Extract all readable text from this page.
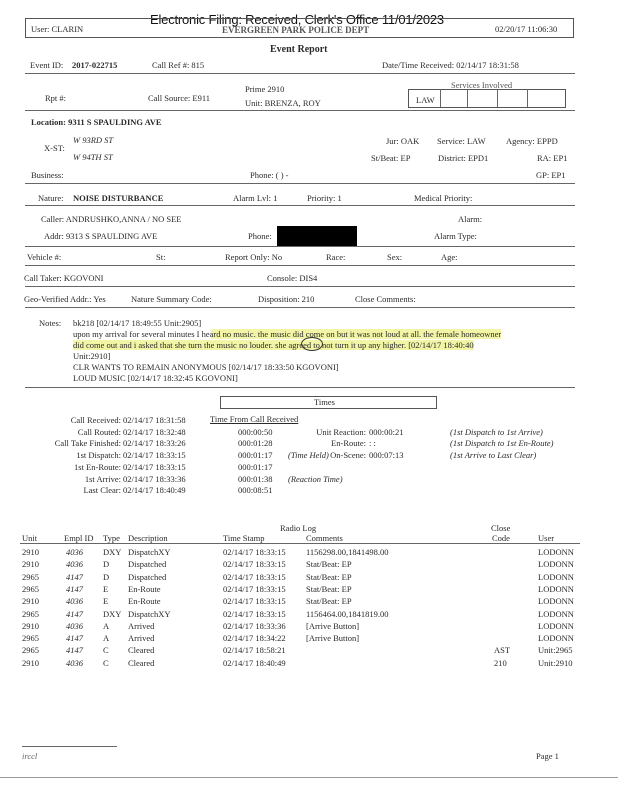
Electronic Filing: Received, Clerk's Office 11/01/2023
User: CLARIN	EVERGREEN PARK POLICE DEPT	02/20/17 11:06:30
Event Report
Event ID: 2017-022715	Call Ref #: 815	Date/Time Received: 02/14/17 18:31:58
Rpt #:	Call Source: E911
Prime 2910
Unit: BRENZA, ROY
Services Involved
LAW
Location: 9311 S SPAULDING AVE
X-ST:
W 93RD ST
W 94TH ST
Jur: OAK Service: LAW Agency: EPPD
St/Beat: EP	District: EPD1	RA: EP1
Business:	Phone: ( ) -	GP: EP1
Nature: NOISE DISTURBANCE	Alarm Lvl: 1	Priority: 1	Medical Priority:
Caller: ANDRUSHKO,ANNA / NO SEE	Alarm:
Addr: 9313 S SPAULDING AVE	Phone:	Alarm Type:
Vehicle #:	St:	Report Only: No	Race:	Sex:	Age:
Call Taker: KGOVONI	Console: DIS4
Geo-Verified Addr.: Yes	Nature Summary Code:	Disposition: 210	Close Comments:
Notes: bk218 [02/14/17 18:49:55 Unit:2905]
upon my arrival for several minutes I heard no music. the music did come on but it was not loud at all. the female homeowner
did come out and i asked that she turn the music no louder. she agreed to not turn it up any higher. [02/14/17 18:40:40
Unit:2910]
CLR WANTS TO REMAIN ANONYMOUS [02/14/17 18:33:50 KGOVONI]
LOUD MUSIC [02/14/17 18:32:45 KGOVONI]
Times
Time From Call Received
Call Received: 02/14/17 18:31:58
Call Routed: 02/14/17 18:32:48	000:00:50	Unit Reaction: 000:00:21	(1st Dispatch to 1st Arrive)
Call Take Finished: 02/14/17 18:33:26	000:01:28	En-Route: : :	(1st Dispatch to 1st En-Route)
1st Dispatch: 02/14/17 18:33:15	000:01:17 (Time Held) On-Scene: 000:07:13	(1st Arrive to Last Clear)
1st En-Route: 02/14/17 18:33:15	000:01:17
1st Arrive: 02/14/17 18:33:36	000:01:38 (Reaction Time)
Last Clear: 02/14/17 18:40:49	000:08:51
Radio Log	Close
Unit	Empl ID Type Description	Time Stamp	Comments	Code	User
2910	4036 DXY DispatchXY	02/14/17 18:33:15 1156298.00,1841498.00	LODONN
2910	4036 D Dispatched	02/14/17 18:33:15 Stat/Beat: EP	LODONN
2965	4147 D Dispatched	02/14/17 18:33:15 Stat/Beat: EP	LODONN
2965	4147 E En-Route	02/14/17 18:33:15 Stat/Beat: EP	LODONN
2910	4036 E En-Route	02/14/17 18:33:15 Stat/Beat: EP	LODONN
2965	4147 DXY DispatchXY	02/14/17 18:33:15 1156464.00,1841819.00	LODONN
2910	4036 A Arrived	02/14/17 18:33:36 [Arrive Button]	LODONN
2965	4147 A Arrived	02/14/17 18:34:22 [Arrive Button]	LODONN
2965	4147 C Cleared	02/14/17 18:58:21	AST	Unit:2965
2910	4036 C Cleared	02/14/17 18:40:49	210	Unit:2910
irccl	Page 1
